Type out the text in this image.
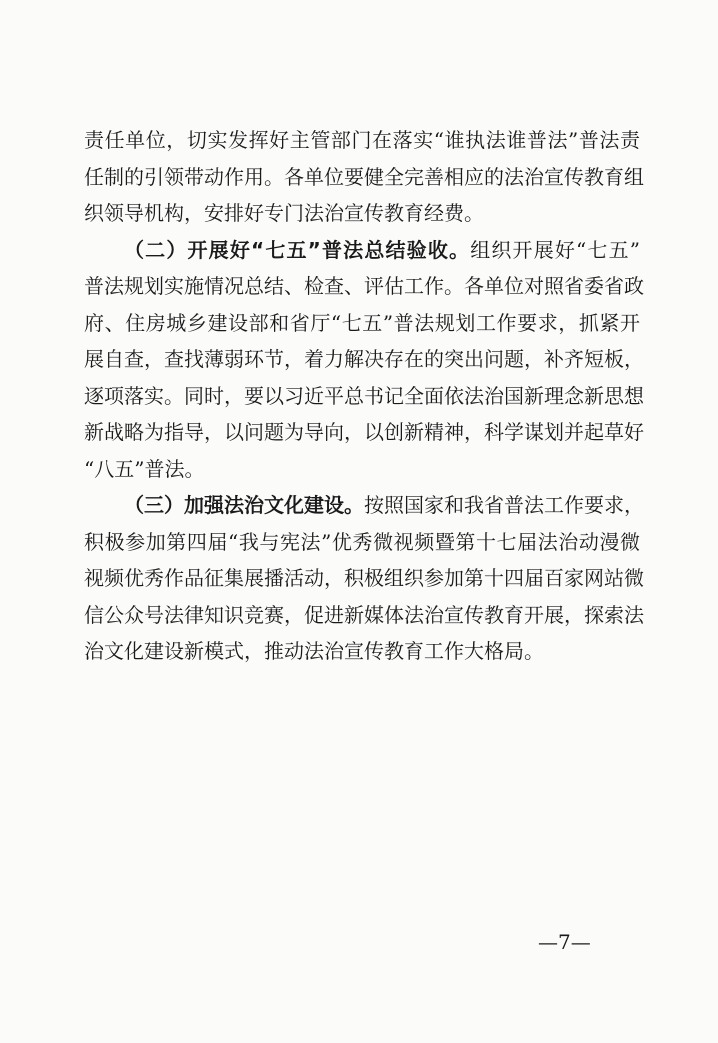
责任单位，切实发挥好主管部门在落实“谁执法谁普法”普法责
任制的引领带动作用。各单位要健全完善相应的法治宣传教育组
织领导机构，安排好专门法治宣传教育经费。
（二）开展好“七五”普法总结验收。组织开展好“七五”
普法规划实施情况总结、检查、评估工作。各单位对照省委省政
府、住房城乡建设部和省厅“七五”普法规划工作要求，抓紧开
展自查，查找薄弱环节，着力解决存在的突出问题，补齐短板，
逐项落实。同时，要以习近平总书记全面依法治国新理念新思想
新战略为指导，以问题为导向，以创新精神，科学谋划并起草好
“八五”普法。
（三）加强法治文化建设。按照国家和我省普法工作要求，
积极参加第四届“我与宪法”优秀微视频暨第十七届法治动漫微
视频优秀作品征集展播活动，积极组织参加第十四届百家网站微
信公众号法律知识竞赛，促进新媒体法治宣传教育开展，探索法
治文化建设新模式，推动法治宣传教育工作大格局。
—7—
